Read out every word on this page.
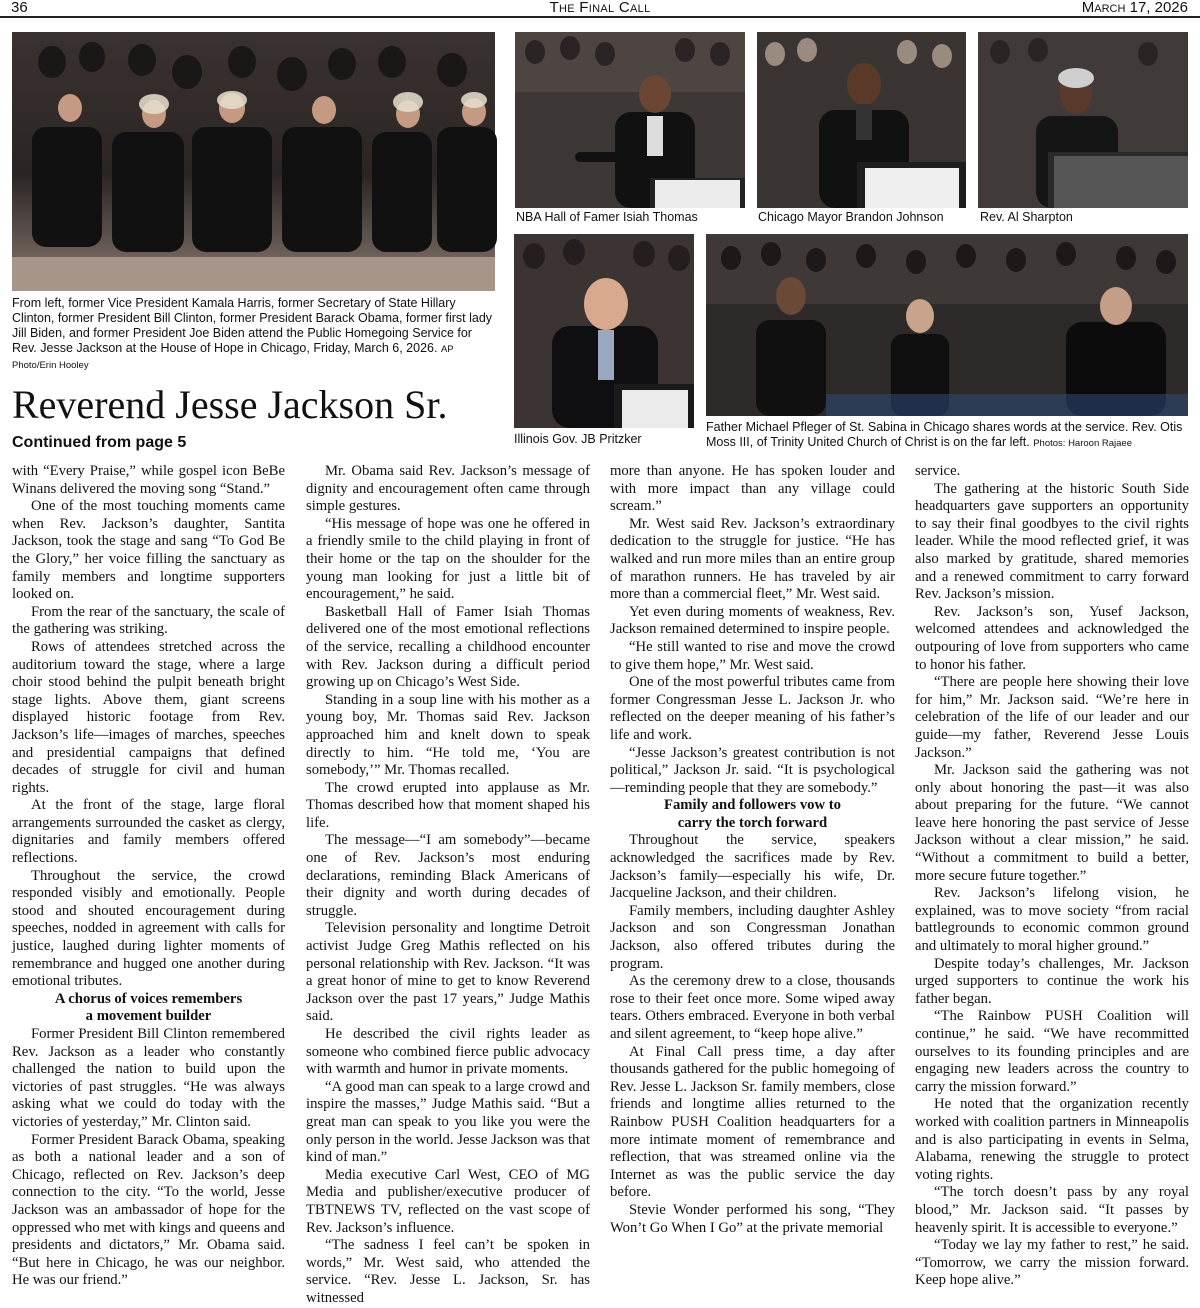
36	The Final Call	March 17, 2026
From left, former Vice President Kamala Harris, former Secretary of State Hillary Clinton, former President Bill Clinton, former President Barack Obama, former first lady Jill Biden, and former President Joe Biden attend the Public Homegoing Service for Rev. Jesse Jackson at the House of Hope in Chicago, Friday, March 6, 2026. AP Photo/Erin Hooley
Reverend Jesse Jackson Sr.
Continued from page 5
NBA Hall of Famer Isiah Thomas	Chicago Mayor Brandon Johnson	Rev. Al Sharpton
Illinois Gov. JB Pritzker
Father Michael Pfleger of St. Sabina in Chicago shares words at the service. Rev. Otis Moss III, of Trinity United Church of Christ is on the far left. Photos: Haroon Rajaee

with “Every Praise,” while gospel icon BeBe Winans delivered the moving song “Stand.”

One of the most touching moments came when Rev. Jackson’s daughter, Santita Jackson, took the stage and sang “To God Be the Glory,” her voice filling the sanctuary as family members and longtime supporters looked on.

From the rear of the sanctuary, the scale of the gathering was striking.

Rows of attendees stretched across the auditorium toward the stage, where a large choir stood behind the pulpit beneath bright stage lights. Above them, giant screens displayed historic footage from Rev. Jackson’s life—images of marches, speeches and presidential campaigns that defined decades of struggle for civil and human rights.

At the front of the stage, large floral arrangements surrounded the casket as clergy, dignitaries and family members offered reflections.

Throughout the service, the crowd responded visibly and emotionally. People stood and shouted encouragement during speeches, nodded in agreement with calls for justice, laughed during lighter moments of remembrance and hugged one another during emotional tributes.

A chorus of voices remembers
a movement builder

Former President Bill Clinton remembered Rev. Jackson as a leader who constantly challenged the nation to build upon the victories of past struggles. “He was always asking what we could do today with the victories of yesterday,” Mr. Clinton said.

Former President Barack Obama, speaking as both a national leader and a son of Chicago, reflected on Rev. Jackson’s deep connection to the city. “To the world, Jesse Jackson was an ambassador of hope for the oppressed who met with kings and queens and presidents and dictators,” Mr. Obama said. “But here in Chicago, he was our neighbor. He was our friend.”

Mr. Obama said Rev. Jackson’s message of dignity and encouragement often came through simple gestures.

“His message of hope was one he offered in a friendly smile to the child playing in front of their home or the tap on the shoulder for the young man looking for just a little bit of encouragement,” he said.

Basketball Hall of Famer Isiah Thomas delivered one of the most emotional reflections of the service, recalling a childhood encounter with Rev. Jackson during a difficult period growing up on Chicago’s West Side.

Standing in a soup line with his mother as a young boy, Mr. Thomas said Rev. Jackson approached him and knelt down to speak directly to him. “He told me, ‘You are somebody,’” Mr. Thomas recalled.

The crowd erupted into applause as Mr. Thomas described how that moment shaped his life.

The message—“I am somebody”—became one of Rev. Jackson’s most enduring declarations, reminding Black Americans of their dignity and worth during decades of struggle.

Television personality and longtime Detroit activist Judge Greg Mathis reflected on his personal relationship with Rev. Jackson. “It was a great honor of mine to get to know Reverend Jackson over the past 17 years,” Judge Mathis said.

He described the civil rights leader as someone who combined fierce public advocacy with warmth and humor in private moments.

“A good man can speak to a large crowd and inspire the masses,” Judge Mathis said. “But a great man can speak to you like you were the only person in the world. Jesse Jackson was that kind of man.”

Media executive Carl West, CEO of MG Media and publisher/executive producer of TBTNEWS TV, reflected on the vast scope of Rev. Jackson’s influence.

“The sadness I feel can’t be spoken in words,” Mr. West said, who attended the service. “Rev. Jesse L. Jackson, Sr. has witnessed

more than anyone. He has spoken louder and with more impact than any village could scream.”

Mr. West said Rev. Jackson’s extraordinary dedication to the struggle for justice. “He has walked and run more miles than an entire group of marathon runners. He has traveled by air more than a commercial fleet,” Mr. West said.

Yet even during moments of weakness, Rev. Jackson remained determined to inspire people.

“He still wanted to rise and move the crowd to give them hope,” Mr. West said.

One of the most powerful tributes came from former Congressman Jesse L. Jackson Jr. who reflected on the deeper meaning of his father’s life and work.

“Jesse Jackson’s greatest contribution is not political,” Jackson Jr. said. “It is psychological—reminding people that they are somebody.”

Family and followers vow to
carry the torch forward

Throughout the service, speakers acknowledged the sacrifices made by Rev. Jackson’s family—especially his wife, Dr. Jacqueline Jackson, and their children.

Family members, including daughter Ashley Jackson and son Congressman Jonathan Jackson, also offered tributes during the program.

As the ceremony drew to a close, thousands rose to their feet once more. Some wiped away tears. Others embraced. Everyone in both verbal and silent agreement, to “keep hope alive.”

At Final Call press time, a day after thousands gathered for the public homegoing of Rev. Jesse L. Jackson Sr. family members, close friends and longtime allies returned to the Rainbow PUSH Coalition headquarters for a more intimate moment of remembrance and reflection, that was streamed online via the Internet as was the public service the day before.

Stevie Wonder performed his song, “They Won’t Go When I Go” at the private memorial

service.

The gathering at the historic South Side headquarters gave supporters an opportunity to say their final goodbyes to the civil rights leader. While the mood reflected grief, it was also marked by gratitude, shared memories and a renewed commitment to carry forward Rev. Jackson’s mission.

Rev. Jackson’s son, Yusef Jackson, welcomed attendees and acknowledged the outpouring of love from supporters who came to honor his father.

“There are people here showing their love for him,” Mr. Jackson said. “We’re here in celebration of the life of our leader and our guide—my father, Reverend Jesse Louis Jackson.”

Mr. Jackson said the gathering was not only about honoring the past—it was also about preparing for the future. “We cannot leave here honoring the past service of Jesse Jackson without a clear mission,” he said. “Without a commitment to build a better, more secure future together.”

Rev. Jackson’s lifelong vision, he explained, was to move society “from racial battlegrounds to economic common ground and ultimately to moral higher ground.”

Despite today’s challenges, Mr. Jackson urged supporters to continue the work his father began.

“The Rainbow PUSH Coalition will continue,” he said. “We have recommitted ourselves to its founding principles and are engaging new leaders across the country to carry the mission forward.”

He noted that the organization recently worked with coalition partners in Minneapolis and is also participating in events in Selma, Alabama, renewing the struggle to protect voting rights.

“The torch doesn’t pass by any royal blood,” Mr. Jackson said. “It passes by heavenly spirit. It is accessible to everyone.”

“Today we lay my father to rest,” he said. “Tomorrow, we carry the mission forward. Keep hope alive.”
